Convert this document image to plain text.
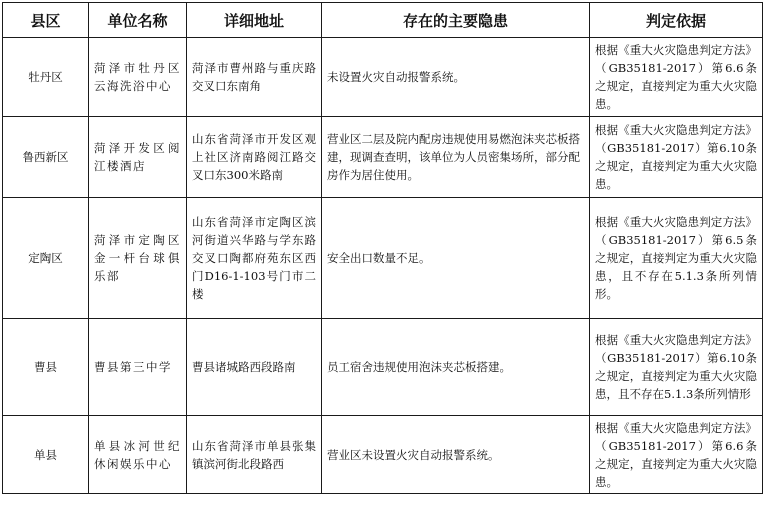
县区	单位名称	详细地址	存在的主要隐患	判定依据
牡丹区	菏泽市牡丹区云海洗浴中心	菏泽市曹州路与重庆路交叉口东南角	未设置火灾自动报警系统。	根据《重大火灾隐患判定方法》（GB35181-2017）第6.6条之规定，直接判定为重大火灾隐患。
鲁西新区	菏泽开发区阅江楼酒店	山东省菏泽市开发区观上社区济南路阅江路交叉口东300米路南	营业区二层及院内配房违规使用易燃泡沫夹芯板搭建，现调查查明，该单位为人员密集场所，部分配房作为居住使用。	根据《重大火灾隐患判定方法》（GB35181-2017）第6.10条之规定，直接判定为重大火灾隐患。
定陶区	菏泽市定陶区金一杆台球俱乐部	山东省菏泽市定陶区滨河街道兴华路与学东路交叉口陶都府苑东区西门D16-1-103号门市二楼	安全出口数量不足。	根据《重大火灾隐患判定方法》（GB35181-2017）第6.5条之规定，直接判定为重大火灾隐患，且不存在5.1.3条所列情形。
曹县	曹县第三中学	曹县诸城路西段路南	员工宿舍违规使用泡沫夹芯板搭建。	根据《重大火灾隐患判定方法》（GB35181-2017）第6.10条之规定，直接判定为重大火灾隐患，且不存在5.1.3条所列情形
单县	单县冰河世纪休闲娱乐中心	山东省菏泽市单县张集镇滨河街北段路西	营业区未设置火灾自动报警系统。	根据《重大火灾隐患判定方法》（GB35181-2017）第6.6条之规定，直接判定为重大火灾隐患。
